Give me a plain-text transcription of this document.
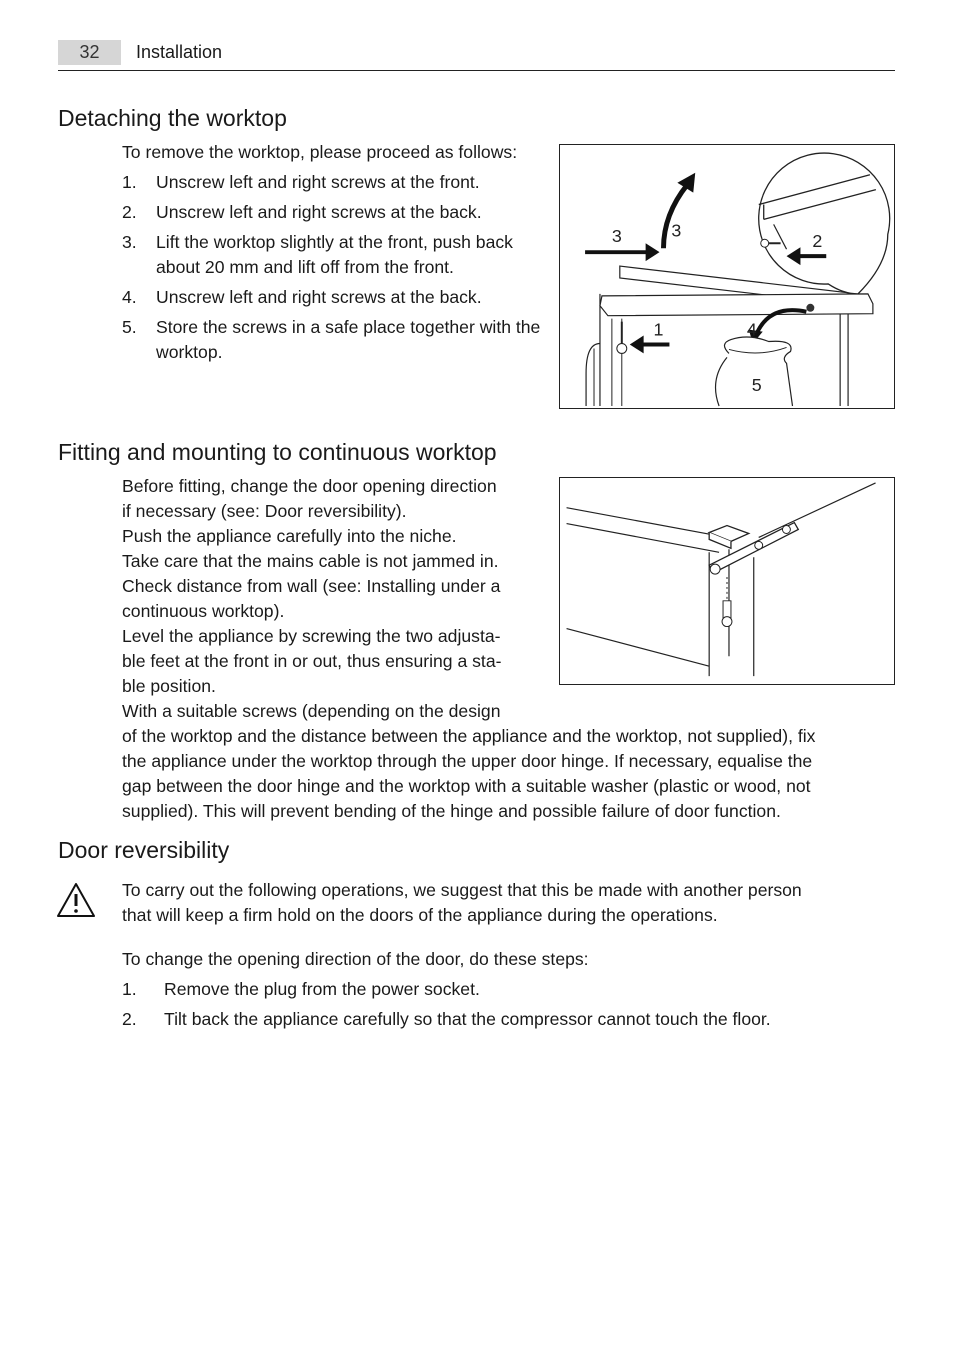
32	Installation
Detaching the worktop

To remove the worktop, please proceed as follows:

1.	Unscrew left and right screws at the front.
2.	Unscrew left and right screws at the back.
3.	Lift the worktop slightly at the front, push back about 20 mm and lift off from the front.
4.	Unscrew left and right screws at the back.
5.	Store the screws in a safe place together with the worktop.
3	3
2
1	4
5
Fitting and mounting to continuous worktop
Before fitting, change the door opening direction
if necessary (see: Door reversibility).
Push the appliance carefully into the niche.
Take care that the mains cable is not jammed in.
Check distance from wall (see: Installing under a
continuous worktop).
Level the appliance by screwing the two adjusta-
ble feet at the front in or out, thus ensuring a sta-
ble position.
With a suitable screws (depending on the design
of the worktop and the distance between the appliance and the worktop, not supplied), fix
the appliance under the worktop through the upper door hinge. If necessary, equalise the
gap between the door hinge and the worktop with a suitable washer (plastic or wood, not
supplied). This will prevent bending of the hinge and possible failure of door function.
Door reversibility
To carry out the following operations, we suggest that this be made with another person
that will keep a firm hold on the doors of the appliance during the operations.

To change the opening direction of the door, do these steps:

1.	Remove the plug from the power socket.
2.	Tilt back the appliance carefully so that the compressor cannot touch the floor.
